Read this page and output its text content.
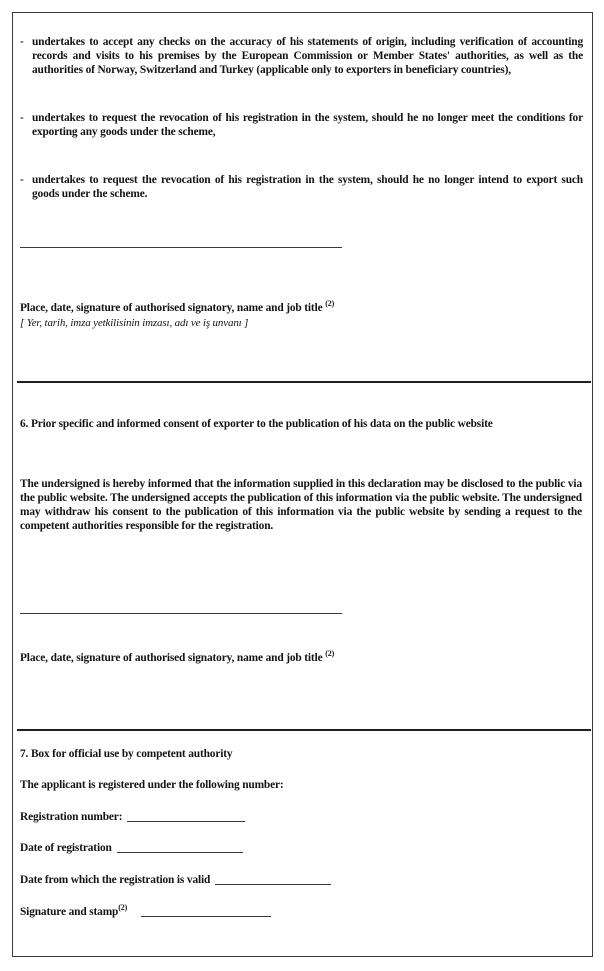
- undertakes to accept any checks on the accuracy of his statements of origin, including verification of accounting records and visits to his premises by the European Commission or Member States' authorities, as well as the authorities of Norway, Switzerland and Turkey (applicable only to exporters in beneficiary countries),
- undertakes to request the revocation of his registration in the system, should he no longer meet the conditions for exporting any goods under the scheme,
- undertakes to request the revocation of his registration in the system, should he no longer intend to export such goods under the scheme.
Place, date, signature of authorised signatory, name and job title $^{(2)}$
[ Yer, tarih, imza yetkilisinin imzası, adı ve iş unvanı ]
6. Prior specific and informed consent of exporter to the publication of his data on the public website
The undersigned is hereby informed that the information supplied in this declaration may be disclosed to the public via the public website. The undersigned accepts the publication of this information via the public website. The undersigned may withdraw his consent to the publication of this information via the public website by sending a request to the competent authorities responsible for the registration.
Place, date, signature of authorised signatory, name and job title $^{(2)}$
7. Box for official use by competent authority
The applicant is registered under the following number:
Registration number:
Date of registration
Date from which the registration is valid
Signature and stamp$^{(2)}$
